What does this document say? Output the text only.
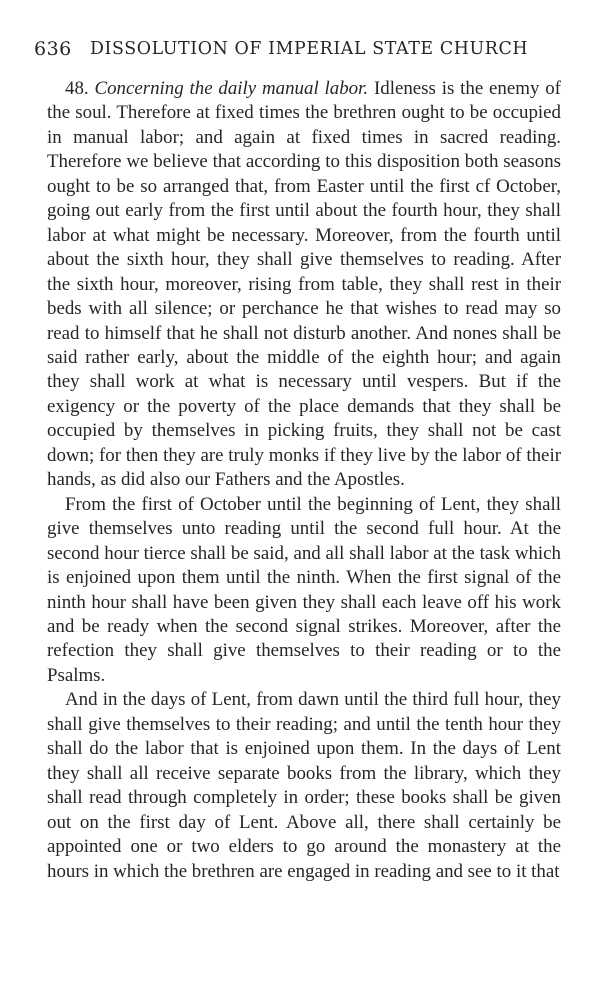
636 DISSOLUTION OF IMPERIAL STATE CHURCH

48. Concerning the daily manual labor. Idleness is the enemy of the soul. Therefore at fixed times the brethren ought to be occupied in manual labor; and again at fixed times in sacred reading. Therefore we believe that according to this disposition both seasons ought to be so arranged that, from Easter until the first cf October, going out early from the first until about the fourth hour, they shall labor at what might be necessary. Moreover, from the fourth until about the sixth hour, they shall give themselves to reading. After the sixth hour, moreover, rising from table, they shall rest in their beds with all silence; or perchance he that wishes to read may so read to himself that he shall not disturb another. And nones shall be said rather early, about the middle of the eighth hour; and again they shall work at what is necessary until vespers. But if the exigency or the poverty of the place demands that they shall be occupied by themselves in picking fruits, they shall not be cast down; for then they are truly monks if they live by the labor of their hands, as did also our Fathers and the Apostles.

From the first of October until the beginning of Lent, they shall give themselves unto reading until the second full hour. At the second hour tierce shall be said, and all shall labor at the task which is enjoined upon them until the ninth. When the first signal of the ninth hour shall have been given they shall each leave off his work and be ready when the second signal strikes. Moreover, after the refection they shall give themselves to their reading or to the Psalms.

And in the days of Lent, from dawn until the third full hour, they shall give themselves to their reading; and until the tenth hour they shall do the labor that is enjoined upon them. In the days of Lent they shall all receive separate books from the library, which they shall read through completely in order; these books shall be given out on the first day of Lent. Above all, there shall certainly be appointed one or two elders to go around the monastery at the hours in which the brethren are engaged in reading and see to it that
